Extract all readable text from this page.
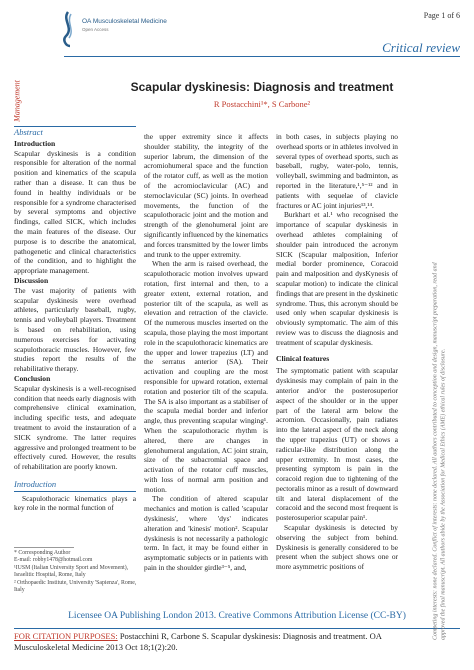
OA Musculoskeletal Medicine
Open Access
Page 1 of 6
Critical review
Management	Scapular dyskinesis: Diagnosis and treatment
R Postacchini¹*, S Carbone²
Abstract
Introduction

Scapular dyskinesis is a condition responsible for alteration of the normal position and kinematics of the scapula rather than a disease. It can thus be found in healthy individuals or be responsible for a syndrome characterised by several symptoms and objective findings, called SICK, which includes the main features of the disease. Our purpose is to describe the anatomical, pathogenetic and clinical characteristics of the condition, and to highlight the appropriate management.

Discussion

The vast majority of patients with scapular dyskinesis were overhead athletes, particularly baseball, rugby, tennis and volleyball players. Treatment is based on rehabilitation, using numerous exercises for activating scapulothoracic muscles. However, few studies report the results of the rehabilitative therapy.

Conclusion

Scapular dyskinesis is a well-recognised condition that needs early diagnosis with comprehensive clinical examination, including specific tests, and adequate treatment to avoid the instauration of a SICK syndrome. The latter requires aggressive and prolonged treatment to be effectively cured. However, the results of rehabilitation are poorly known.

Introduction

Scapulothoracic kinematics plays a key role in the normal function of

the upper extremity since it affects shoulder stability, the integrity of the superior labrum, the dimension of the acromiohumeral space and the function of the rotator cuff, as well as the motion of the acromioclavicular (AC) and sternoclavicular (SC) joints. In overhead movements, the function of the scapulothoracic joint and the motion and strength of the glenohumeral joint are significantly influenced by the kinematics and forces transmitted by the lower limbs and trunk to the upper extremity.

When the arm is raised overhead, the scapulothoracic motion involves upward rotation, first internal and then, to a greater extent, external rotation, and posterior tilt of the scapula, as well as elevation and retraction of the clavicle. Of the numerous muscles inserted on the scapula, those playing the most important role in the scapulothoracic kinematics are the upper and lower trapezius (LT) and the serratus anterior (SA). Their activation and coupling are the most responsible for upward rotation, external rotation and posterior tilt of the scapula. The SA is also important as a stabiliser of the scapula medial border and inferior angle, thus preventing scapular winging¹. When the scapulothoracic rhythm is altered, there are changes in glenohumeral angulation, AC joint strain, size of the subacromial space and activation of the rotator cuff muscles, with loss of normal arm position and motion.

The condition of altered scapular mechanics and motion is called 'scapular dyskinesis', where 'dys' indicates alteration and 'kinesis' motion². Scapular dyskinesis is not necessarily a pathologic term. In fact, it may be found either in asymptomatic subjects or in patients with pain in the shoulder girdle³⁻⁵, and,

in both cases, in subjects playing no overhead sports or in athletes involved in several types of overhead sports, such as baseball, rugby, water-polo, tennis, volleyball, swimming and badminton, as reported in the literature,¹,⁵⁻¹² and in patients with sequelae of clavicle fractures or AC joint injuries¹³,¹⁴.

Burkhart et al.¹ who recognised the importance of scapular dyskinesis in overhead athletes complaining of shoulder pain introduced the acronym SICK (Scapular malposition, Inferior medial border prominence, Coracoid pain and malposition and dysKynesis of scapular motion) to indicate the clinical findings that are present in the dyskinetic syndrome. Thus, this acronym should be used only when scapular dyskinesis is obviously symptomatic. The aim of this review was to discuss the diagnosis and treatment of scapular dyskinesis.

Clinical features

The symptomatic patient with scapular dyskinesis may complain of pain in the anterior and/or the posterosuperior aspect of the shoulder or in the upper part of the lateral arm below the acromion. Occasionally, pain radiates into the lateral aspect of the neck along the upper trapezius (UT) or shows a radicular-like distribution along the upper extremity. In most cases, the presenting symptom is pain in the coracoid region due to tightening of the pectoralis minor as a result of downward tilt and lateral displacement of the coracoid and the second most frequent is posterosuperior scapular pain¹.

Scapular dyskinesis is detected by observing the subject from behind. Dyskinesis is generally considered to be present when the subject shows one or more asymmetric positions of

* Corresponding Author
E-mail: robby1478@hotmail.com
¹IUSM (Italian University Sport and Movement), Israelitic Hospital, Rome, Italy
² Orthopaedic Institute, University 'Sapienza', Rome, Italy
Licensee OA Publishing London 2013. Creative Commons Attribution License (CC-BY)
FOR CITATION PURPOSES: Postacchini R, Carbone S. Scapular dyskinesis: Diagnosis and treatment. OA Musculoskeletal Medicine 2013 Oct 18;1(2):20.
Competing interests: none declared. Conflict of interests: none declared. All authors contributed to conception and design, manuscript preparation, read and approved the final manuscript. All authors abide by the Association for Medical Ethics (AME) ethical rules of disclosure.
